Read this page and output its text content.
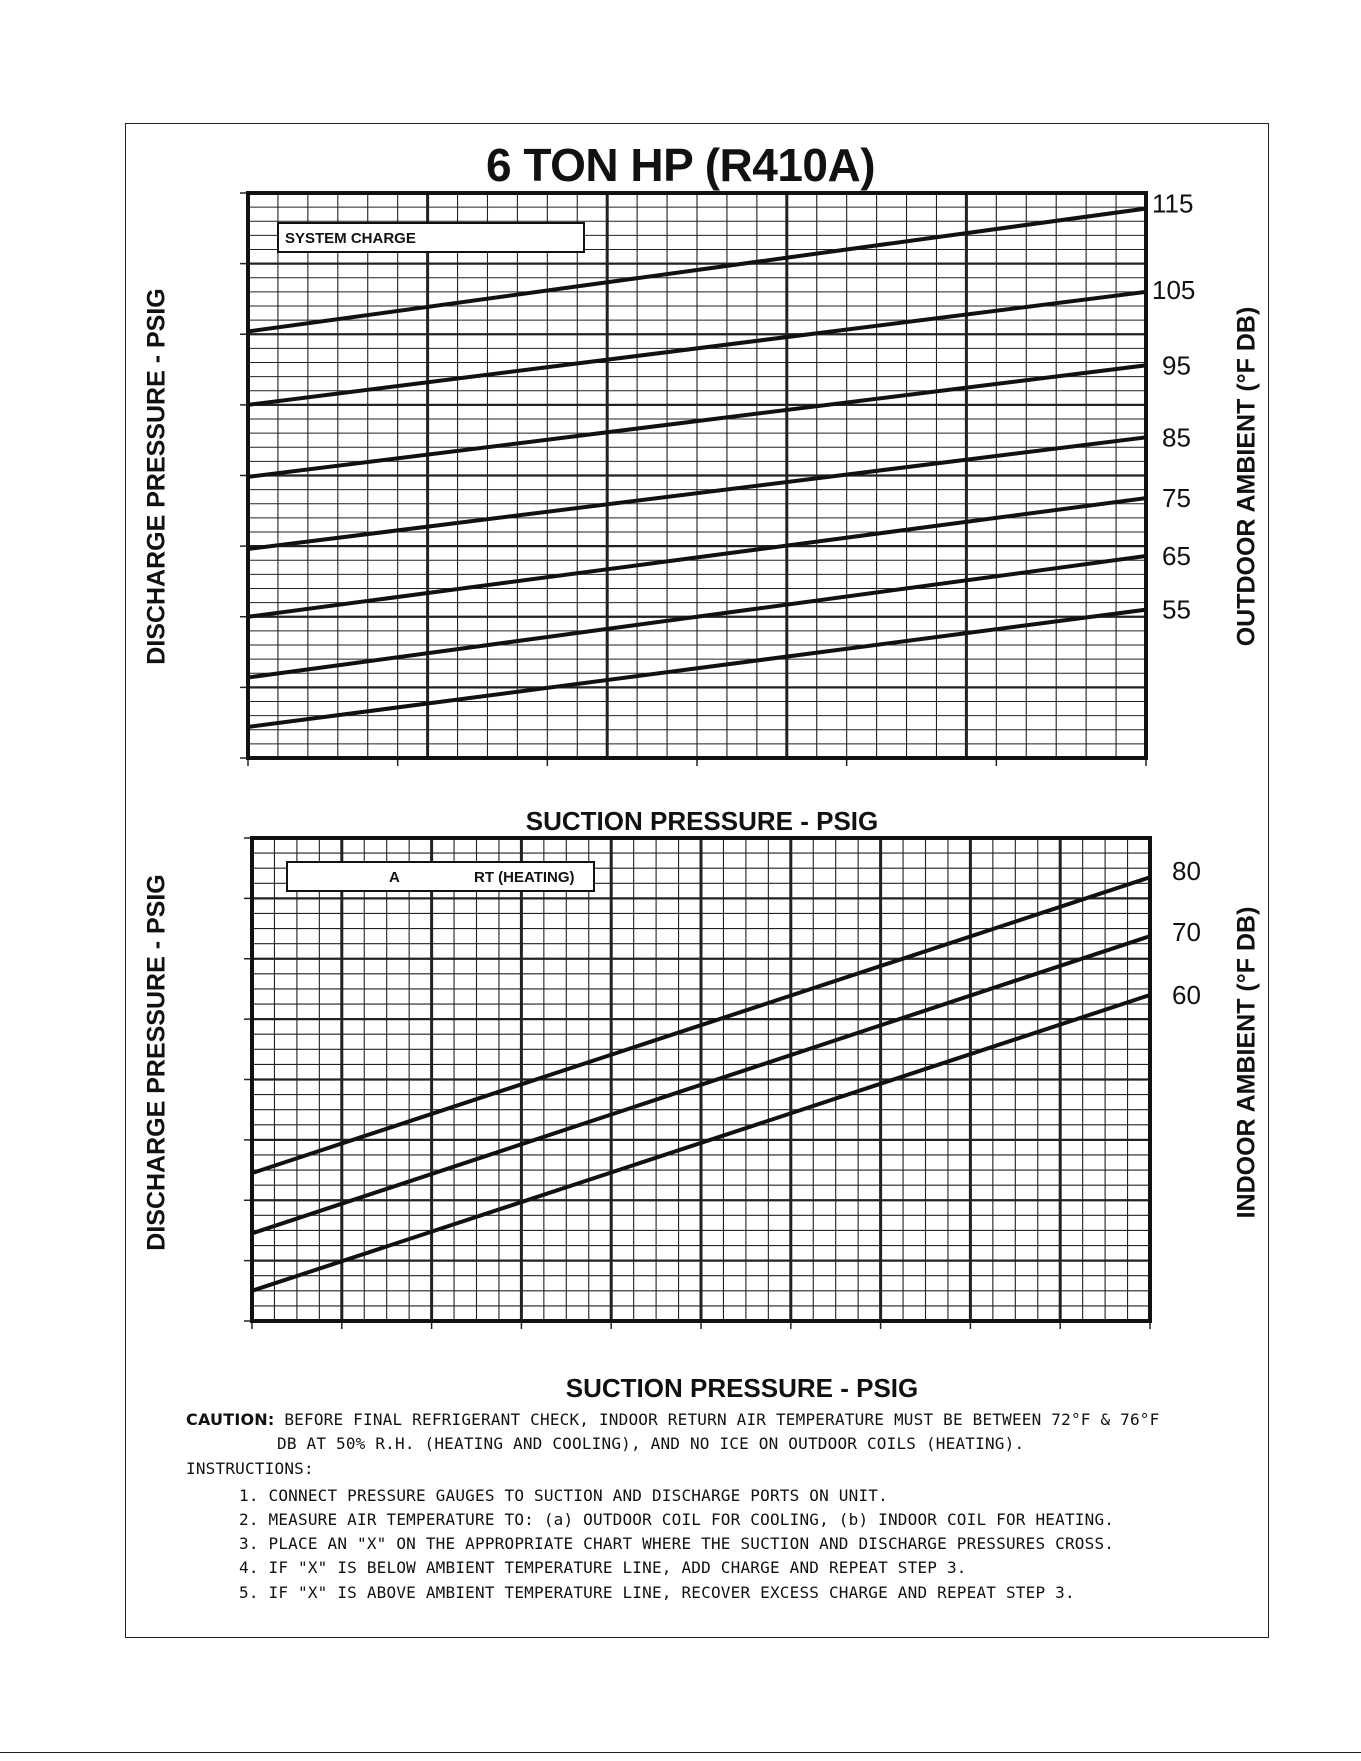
6 TON HP (R410A)
115
105
95
85
75
65
55
SYSTEM CHARGE
80
70
60
A	RT (HEATING)
DISCHARGE PRESSURE - PSIG	OUTDOOR AMBIENT (°F DB)
SUCTION PRESSURE - PSIG
DISCHARGE PRESSURE - PSIG	INDOOR AMBIENT (°F DB)
SUCTION PRESSURE - PSIG
CAUTION: BEFORE FINAL REFRIGERANT CHECK, INDOOR RETURN AIR TEMPERATURE MUST BE BETWEEN 72°F & 76°F
DB AT 50% R.H. (HEATING AND COOLING), AND NO ICE ON OUTDOOR COILS (HEATING).
INSTRUCTIONS:
1. CONNECT PRESSURE GAUGES TO SUCTION AND DISCHARGE PORTS ON UNIT.
2. MEASURE AIR TEMPERATURE TO: (a) OUTDOOR COIL FOR COOLING, (b) INDOOR COIL FOR HEATING.
3. PLACE AN "X" ON THE APPROPRIATE CHART WHERE THE SUCTION AND DISCHARGE PRESSURES CROSS.
4. IF "X" IS BELOW AMBIENT TEMPERATURE LINE, ADD CHARGE AND REPEAT STEP 3.
5. IF "X" IS ABOVE AMBIENT TEMPERATURE LINE, RECOVER EXCESS CHARGE AND REPEAT STEP 3.
